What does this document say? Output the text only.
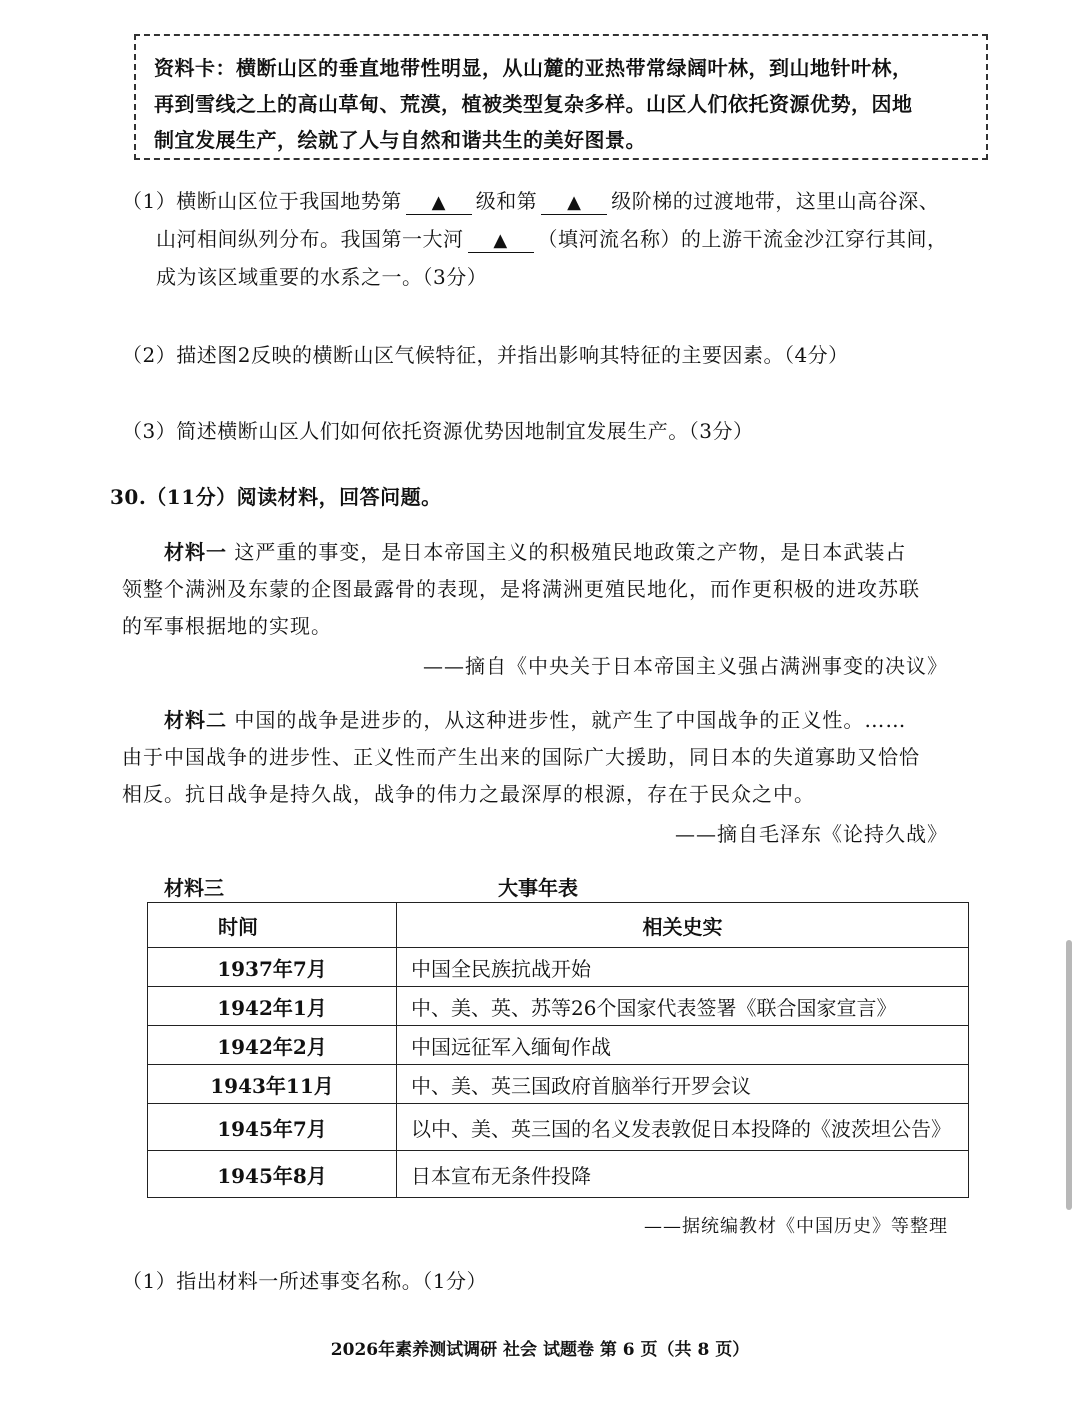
资料卡：横断山区的垂直地带性明显，从山麓的亚热带常绿阔叶林，到山地针叶林，
再到雪线之上的高山草甸、荒漠，植被类型复杂多样。山区人们依托资源优势，因地
制宜发展生产，绘就了人与自然和谐共生的美好图景。
（1）横断山区位于我国地势第 ▲ 级和第 ▲ 级阶梯的过渡地带，这里山高谷深、
山河相间纵列分布。我国第一大河 ▲ （填河流名称）的上游干流金沙江穿行其间，
成为该区域重要的水系之一。（3分）
（2）描述图2反映的横断山区气候特征，并指出影响其特征的主要因素。（4分）
（3）简述横断山区人们如何依托资源优势因地制宜发展生产。（3分）
30.（11分）阅读材料，回答问题。
材料一 这严重的事变，是日本帝国主义的积极殖民地政策之产物，是日本武装占
领整个满洲及东蒙的企图最露骨的表现，是将满洲更殖民地化，而作更积极的进攻苏联
的军事根据地的实现。
——摘自《中央关于日本帝国主义强占满洲事变的决议》
材料二 中国的战争是进步的，从这种进步性，就产生了中国战争的正义性。……
由于中国战争的进步性、正义性而产生出来的国际广大援助，同日本的失道寡助又恰恰
相反。抗日战争是持久战，战争的伟力之最深厚的根源，存在于民众之中。
——摘自毛泽东《论持久战》
材料三	大事年表
时间	相关史实
1937年7月	中国全民族抗战开始
1942年1月	中、美、英、苏等26个国家代表签署《联合国家宣言》
1942年2月	中国远征军入缅甸作战
1943年11月	中、美、英三国政府首脑举行开罗会议
1945年7月	以中、美、英三国的名义发表敦促日本投降的《波茨坦公告》
1945年8月	日本宣布无条件投降
——据统编教材《中国历史》等整理
（1）指出材料一所述事变名称。（1分）
2026年素养测试调研 社会 试题卷 第 6 页（共 8 页）
